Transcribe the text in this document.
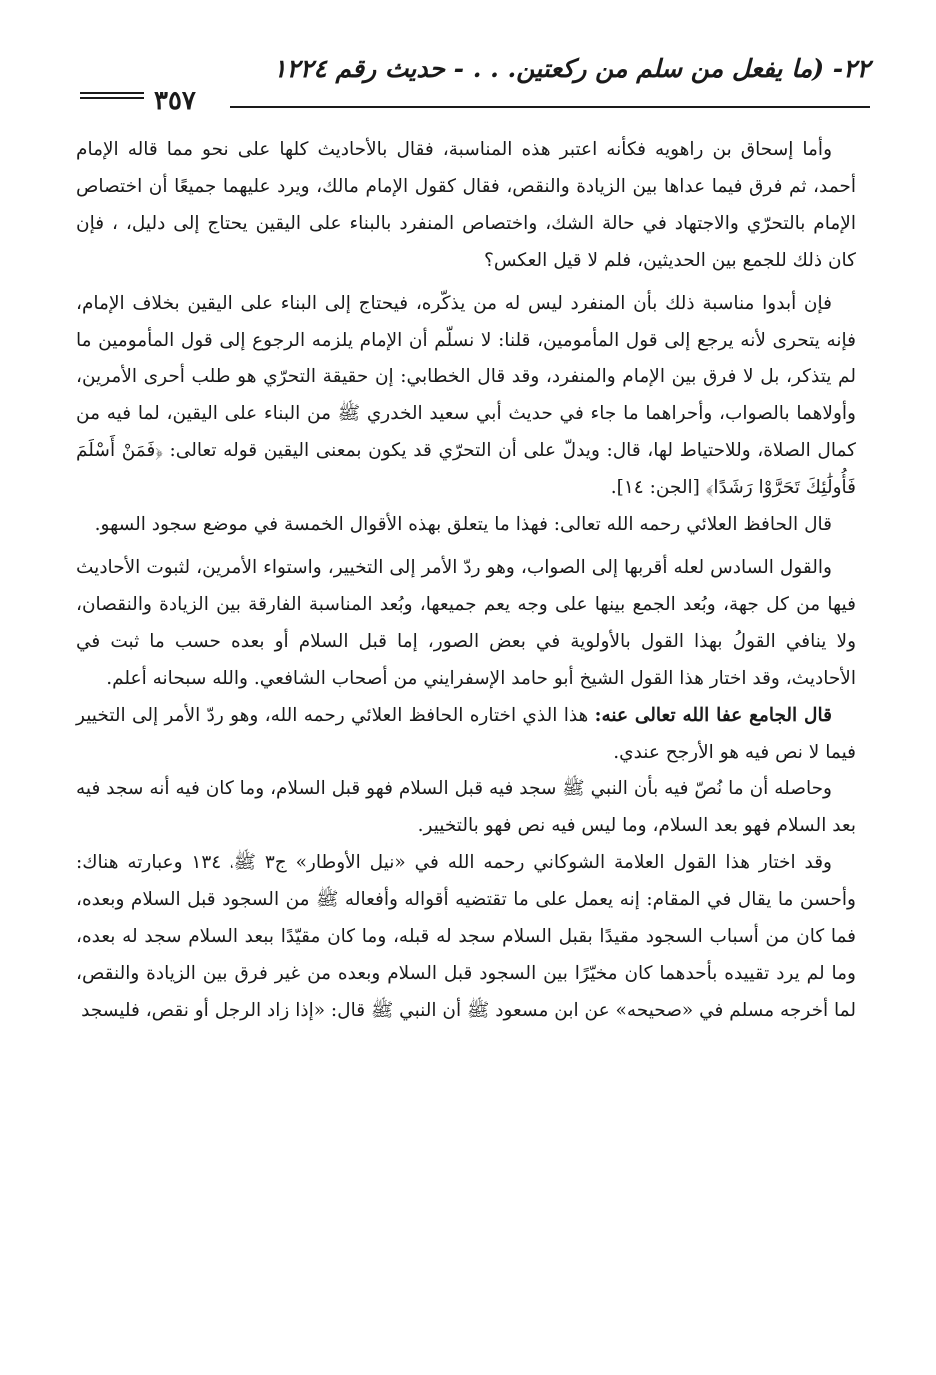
٢٢- (ما يفعل من سلم من ركعتين. . . - حديث رقم ١٢٢٤
٣٥٧

وأما إسحاق بن راهويه فكأنه اعتبر هذه المناسبة، فقال بالأحاديث كلها على نحو مما قاله الإمام أحمد، ثم فرق فيما عداها بين الزيادة والنقص، فقال كقول الإمام مالك، ويرد عليهما جميعًا أن اختصاص الإمام بالتحرّي والاجتهاد في حالة الشك، واختصاص المنفرد بالبناء على اليقين يحتاج إلى دليل، ، فإن كان ذلك للجمع بين الحديثين، فلم لا قيل العكس؟

فإن أبدوا مناسبة ذلك بأن المنفرد ليس له من يذكّره، فيحتاج إلى البناء على اليقين بخلاف الإمام، فإنه يتحرى لأنه يرجع إلى قول المأمومين، قلنا: لا نسلّم أن الإمام يلزمه الرجوع إلى قول المأمومين ما لم يتذكر، بل لا فرق بين الإمام والمنفرد، وقد قال الخطابي: إن حقيقة التحرّي هو طلب أحرى الأمرين، وأولاهما بالصواب، وأحراهما ما جاء في حديث أبي سعيد الخدري ﷺ من البناء على اليقين، لما فيه من كمال الصلاة، وللاحتياط لها، قال: ويدلّ على أن التحرّي قد يكون بمعنى اليقين قوله تعالى: ﴿فَمَنْ أَسْلَمَ فَأُولَٰئِكَ تَحَرَّوْا رَشَدًا﴾ [الجن: ١٤].

قال الحافظ العلائي رحمه الله تعالى: فهذا ما يتعلق بهذه الأقوال الخمسة في موضع سجود السهو.

والقول السادس لعله أقربها إلى الصواب، وهو ردّ الأمر إلى التخيير، واستواء الأمرين، لثبوت الأحاديث فيها من كل جهة، وبُعد الجمع بينها على وجه يعم جميعها، وبُعد المناسبة الفارقة بين الزيادة والنقصان، ولا ينافي القولُ بهذا القول بالأولوية في بعض الصور، إما قبل السلام أو بعده حسب ما ثبت في الأحاديث، وقد اختار هذا القول الشيخ أبو حامد الإسفرايني من أصحاب الشافعي. والله سبحانه أعلم.

قال الجامع عفا الله تعالى عنه: هذا الذي اختاره الحافظ العلائي رحمه الله، وهو ردّ الأمر إلى التخيير فيما لا نص فيه هو الأرجح عندي.

وحاصله أن ما نُصّ فيه بأن النبي ﷺ سجد فيه قبل السلام فهو قبل السلام، وما كان فيه أنه سجد فيه بعد السلام فهو بعد السلام، وما ليس فيه نص فهو بالتخيير.

وقد اختار هذا القول العلامة الشوكاني رحمه الله في «نيل الأوطار» ج٣ ﷺ، ١٣٤ وعبارته هناك: وأحسن ما يقال في المقام: إنه يعمل على ما تقتضيه أقواله وأفعاله ﷺ من السجود قبل السلام وبعده، فما كان من أسباب السجود مقيدًا بقبل السلام سجد له قبله، وما كان مقيّدًا ببعد السلام سجد له بعده، وما لم يرد تقييده بأحدهما كان مخيّرًا بين السجود قبل السلام وبعده من غير فرق بين الزيادة والنقص، لما أخرجه مسلم في «صحيحه» عن ابن مسعود ﷺ أن النبي ﷺ قال: «إذا زاد الرجل أو نقص، فليسجد
